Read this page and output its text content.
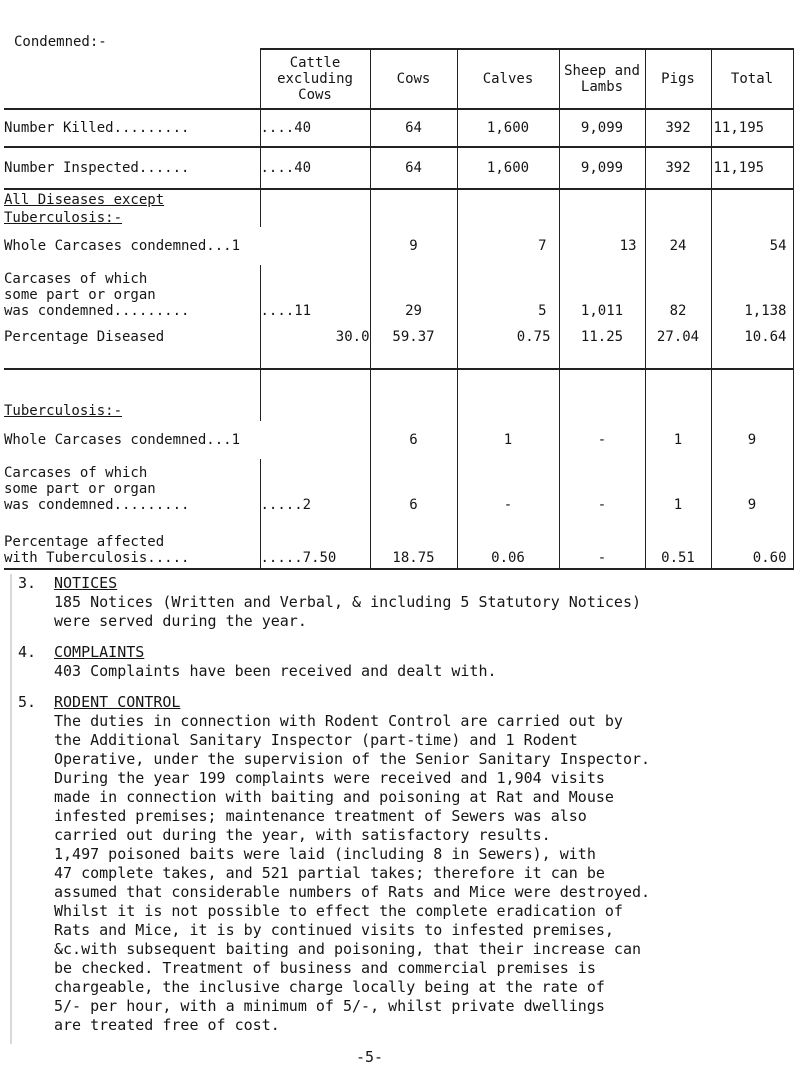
Condemned:-
	Cattle excluding Cows	Cows	Calves	Sheep and Lambs	Pigs	Total
Number Killed.........	....40	64	1,600	9,099	392	11,195
Number Inspected......	....40	64	1,600	9,099	392	11,195
All Diseases except						
Tuberculosis:-						
Whole Carcases condemned...1		9	7	13	24	54

Carcases of which
some part or organ
was condemned.........	....11	29	5	1,011	82	1,138
Percentage Diseased	30.0	59.37	0.75	11.25	27.04	10.64
Tuberculosis:-						
Whole Carcases condemned...1		6	1	-	1	9

Carcases of which
some part or organ
was condemned.........	.....2	6	-	-	1	9

Percentage affected
with Tuberculosis.....	.....7.50	18.75	0.06	-	0.51	0.60
3. NOTICES
185 Notices (Written and Verbal, & including 5 Statutory Notices)
were served during the year.
4. COMPLAINTS
403 Complaints have been received and dealt with.
5. RODENT CONTROL
The duties in connection with Rodent Control are carried out by
the Additional Sanitary Inspector (part-time) and 1 Rodent
Operative, under the supervision of the Senior Sanitary Inspector.
During the year 199 complaints were received and 1,904 visits
made in connection with baiting and poisoning at Rat and Mouse
infested premises; maintenance treatment of Sewers was also
carried out during the year, with satisfactory results.
1,497 poisoned baits were laid (including 8 in Sewers), with
47 complete takes, and 521 partial takes; therefore it can be
assumed that considerable numbers of Rats and Mice were destroyed.
Whilst it is not possible to effect the complete eradication of
Rats and Mice, it is by continued visits to infested premises,
&c.with subsequent baiting and poisoning, that their increase can
be checked. Treatment of business and commercial premises is
chargeable, the inclusive charge locally being at the rate of
5/- per hour, with a minimum of 5/-, whilst private dwellings
are treated free of cost.
-5-
